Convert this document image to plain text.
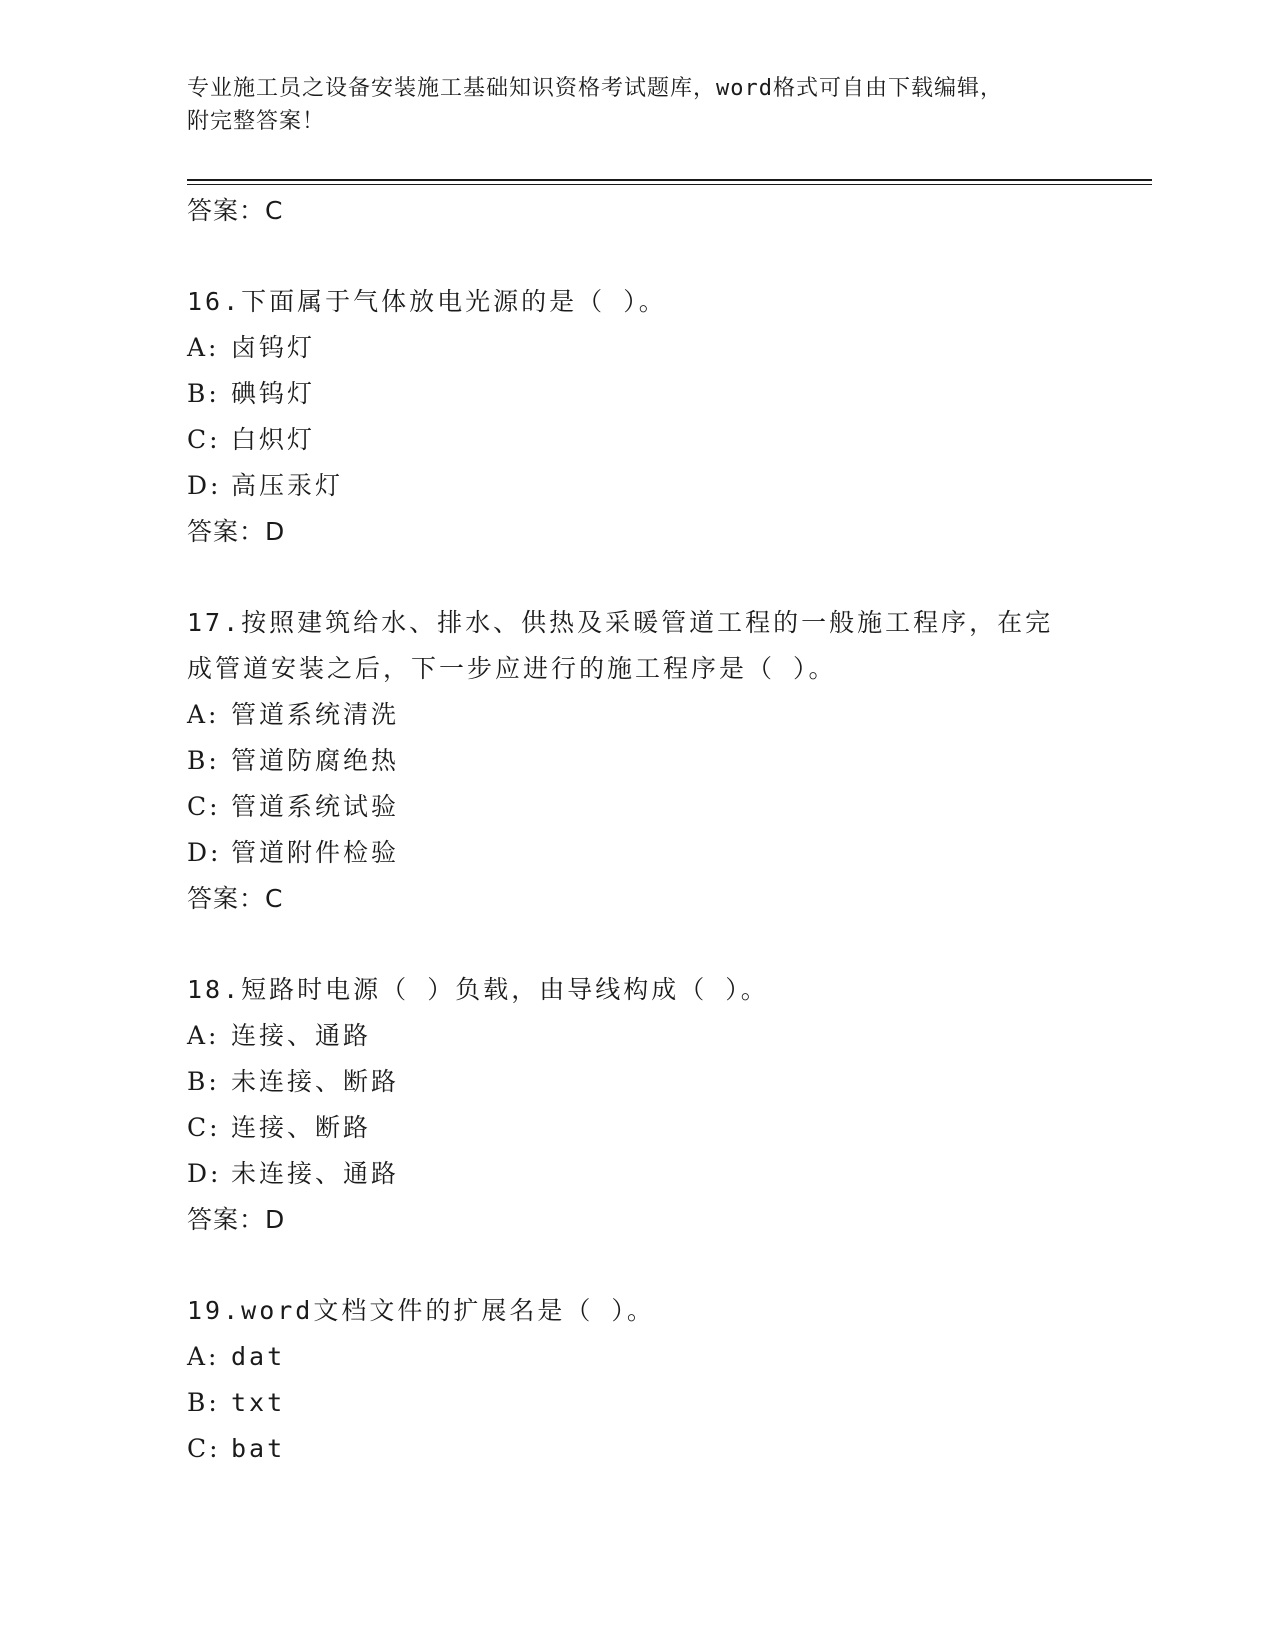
专业施工员之设备安装施工基础知识资格考试题库，word格式可自由下载编辑，
附完整答案！
答案：C
16.下面属于气体放电光源的是（ ）。
A: 卤钨灯
B: 碘钨灯
C: 白炽灯
D: 高压汞灯
答案：D
17.按照建筑给水、排水、供热及采暖管道工程的一般施工程序，在完
成管道安装之后，下一步应进行的施工程序是（ ）。
A: 管道系统清洗
B: 管道防腐绝热
C: 管道系统试验
D: 管道附件检验
答案：C
18.短路时电源（ ）负载，由导线构成（ ）。
A: 连接、通路
B: 未连接、断路
C: 连接、断路
D: 未连接、通路
答案：D
19.word文档文件的扩展名是（ ）。
A: dat
B: txt
C: bat
